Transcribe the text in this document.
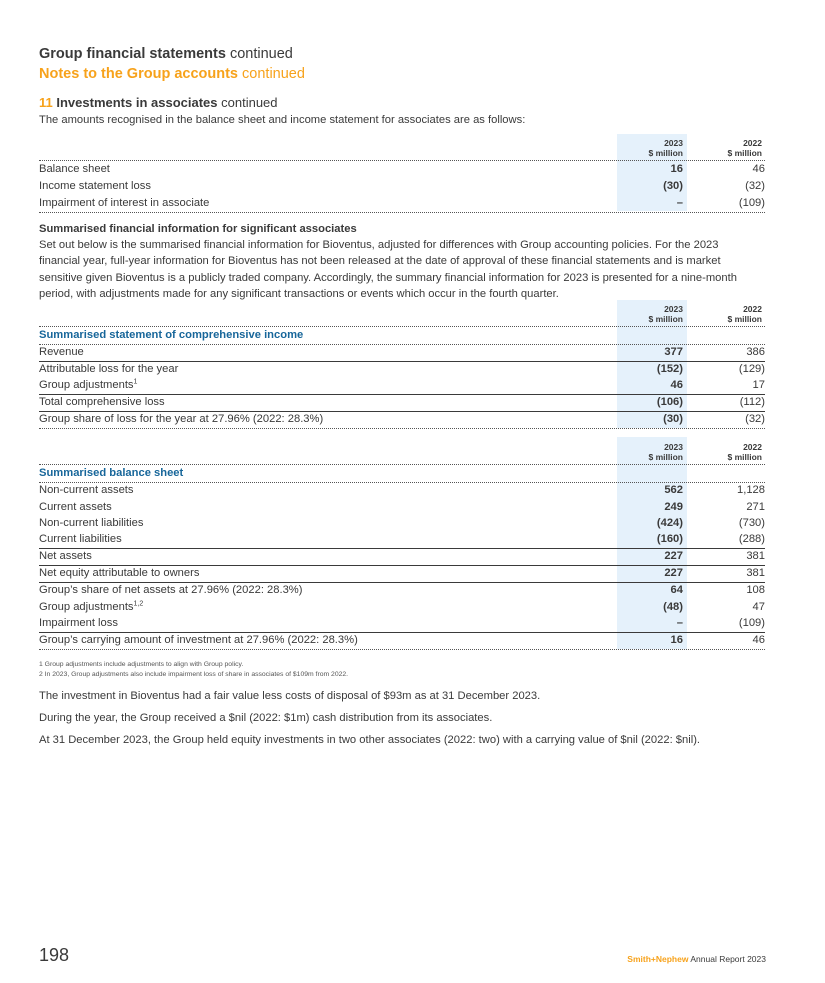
Group financial statements continued
Notes to the Group accounts continued
11 Investments in associates continued
The amounts recognised in the balance sheet and income statement for associates are as follows:
2023
$ million
2022
$ million
Balance sheet	16	46
Income statement loss	(30)	(32)
Impairment of interest in associate	–	(109)
Summarised financial information for significant associates
Set out below is the summarised financial information for Bioventus, adjusted for differences with Group accounting policies. For the 2023 financial year, full-year information for Bioventus has not been released at the date of approval of these financial statements and is market sensitive given Bioventus is a publicly traded company. Accordingly, the summary financial information for 2023 is presented for a nine-month period, with adjustments made for any significant transactions or events which occur in the fourth quarter.
2023
$ million
2022
$ million
Summarised statement of comprehensive income
Revenue	377	386
Attributable loss for the year	(152)	(129)
Group adjustments$^1$	46	17
Total comprehensive loss	(106)	(112)
Group share of loss for the year at 27.96% (2022: 28.3%)	(30)	(32)
2023
$ million
2022
$ million
Summarised balance sheet
Non-current assets	562	1,128
Current assets	249	271
Non-current liabilities	(424)	(730)
Current liabilities	(160)	(288)
Net assets	227	381
Net equity attributable to owners	227	381
Group’s share of net assets at 27.96% (2022: 28.3%)	64	108
Group adjustments$^{1,2}$	(48)	47
Impairment loss	–	(109)
Group’s carrying amount of investment at 27.96% (2022: 28.3%)	16	46
1 Group adjustments include adjustments to align with Group policy.
2 In 2023, Group adjustments also include impairment loss of share in associates of $109m from 2022.
The investment in Bioventus had a fair value less costs of disposal of $93m as at 31 December 2023.
During the year, the Group received a $nil (2022: $1m) cash distribution from its associates.
At 31 December 2023, the Group held equity investments in two other associates (2022: two) with a carrying value of $nil (2022: $nil).
198	Smith+Nephew Annual Report 2023
